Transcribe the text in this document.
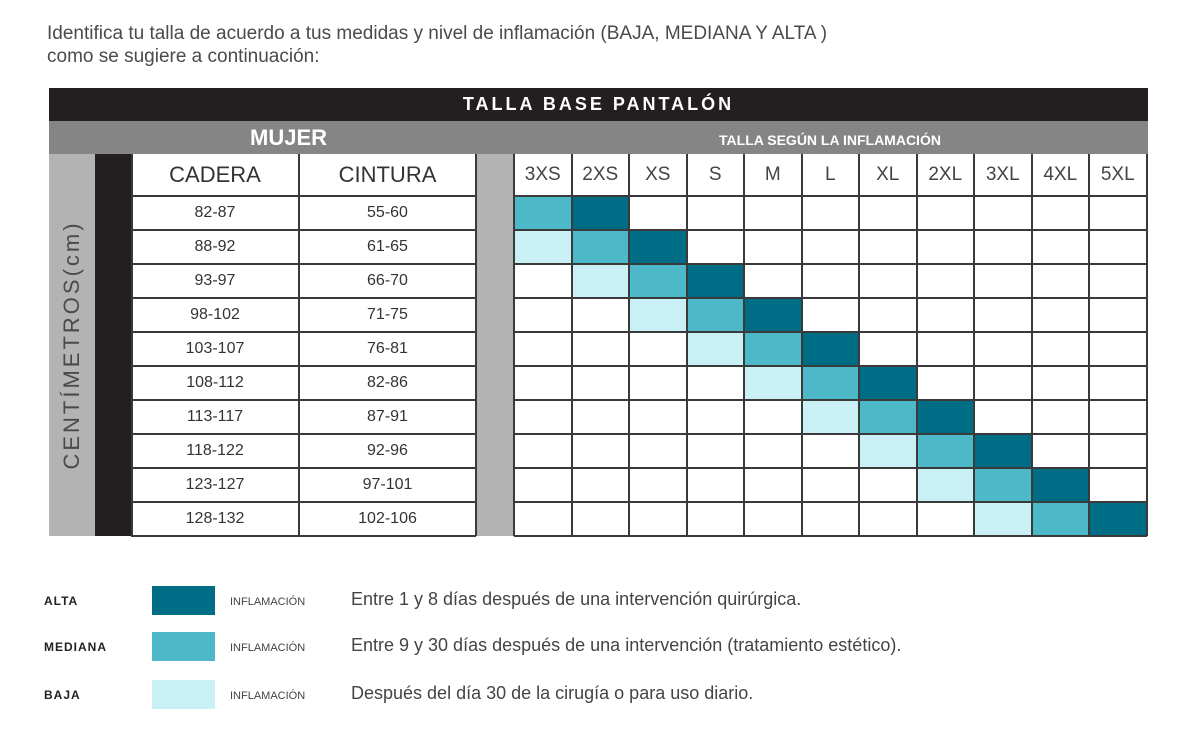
Identifica tu talla de acuerdo a tus medidas y nivel de inflamación (BAJA, MEDIANA Y ALTA )
como se sugiere a continuación:
TALLA BASE PANTALÓN
MUJER	TALLA SEGÚN LA INFLAMACIÓN
CENTÍMETROS(cm)
CADERA	CINTURA	3XS	2XS	XS	S	M	L	XL	2XL	3XL	4XL	5XL
5	82-87	55-60
6	88-92	61-65
7	93-97	66-70
8	98-102	71-75
10	103-107	76-81
12	108-112	82-86
14	113-117	87-91
16	118-122	92-96
18	123-127	97-101
20	128-132	102-106
ALTA	INFLAMACIÓN	Entre 1 y 8 días después de una intervención quirúrgica.
MEDIANA	INFLAMACIÓN	Entre 9 y 30 días después de una intervención (tratamiento estético).
BAJA	INFLAMACIÓN	Después del día 30 de la cirugía o para uso diario.
